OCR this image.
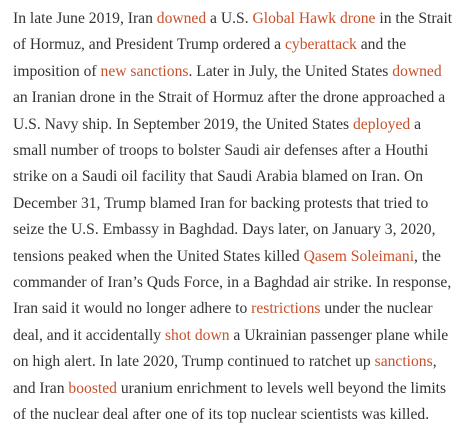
In late June 2019, Iran downed a U.S. Global Hawk drone in the Strait of Hormuz, and President Trump ordered a cyberattack and the imposition of new sanctions. Later in July, the United States downed an Iranian drone in the Strait of Hormuz after the drone approached a U.S. Navy ship. In September 2019, the United States deployed a small number of troops to bolster Saudi air defenses after a Houthi strike on a Saudi oil facility that Saudi Arabia blamed on Iran. On December 31, Trump blamed Iran for backing protests that tried to seize the U.S. Embassy in Baghdad. Days later, on January 3, 2020, tensions peaked when the United States killed Qasem Soleimani, the commander of Iran’s Quds Force, in a Baghdad air strike. In response, Iran said it would no longer adhere to restrictions under the nuclear deal, and it accidentally shot down a Ukrainian passenger plane while on high alert. In late 2020, Trump continued to ratchet up sanctions, and Iran boosted uranium enrichment to levels well beyond the limits of the nuclear deal after one of its top nuclear scientists was killed.
